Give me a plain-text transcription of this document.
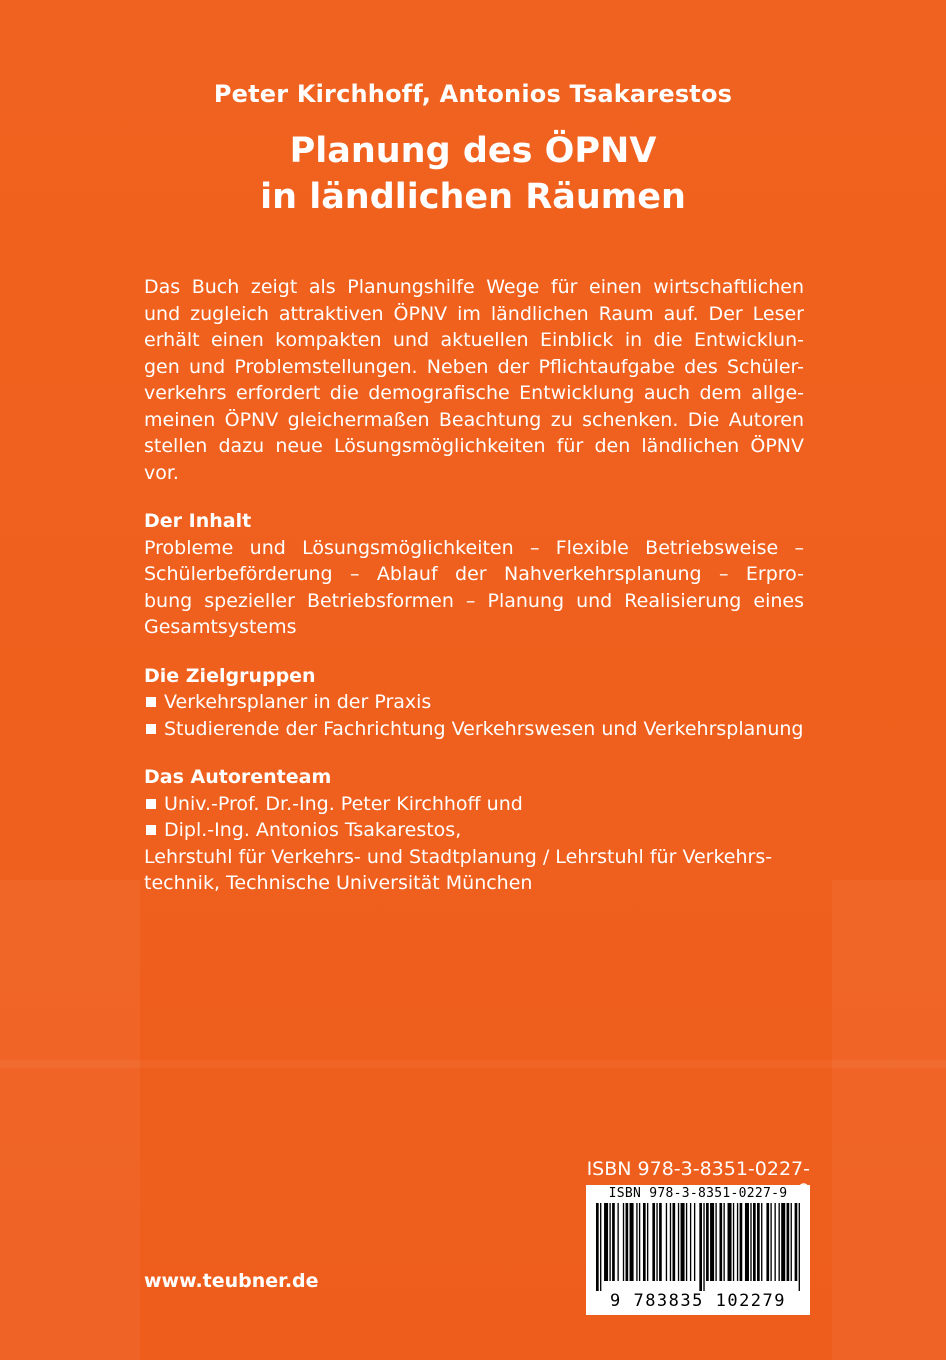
Peter Kirchhoff, Antonios Tsakarestos
Planung des ÖPNV
in ländlichen Räumen

Das Buch zeigt als Planungshilfe Wege für einen wirtschaftlichen
und zugleich attraktiven ÖPNV im ländlichen Raum auf. Der Leser
erhält einen kompakten und aktuellen Einblick in die Entwicklun-
gen und Problemstellungen. Neben der Pflichtaufgabe des Schüler-
verkehrs erfordert die demografische Entwicklung auch dem allge-
meinen ÖPNV gleichermaßen Beachtung zu schenken. Die Autoren
stellen dazu neue Lösungsmöglichkeiten für den ländlichen ÖPNV
vor.

Der Inhalt

Probleme und Lösungsmöglichkeiten – Flexible Betriebsweise –
Schülerbeförderung – Ablauf der Nahverkehrsplanung – Erpro-
bung spezieller Betriebsformen – Planung und Realisierung eines
Gesamtsystems

Die Zielgruppen

Verkehrsplaner in der Praxis
Studierende der Fachrichtung Verkehrswesen und Verkehrsplanung

Das Autorenteam

Univ.-Prof. Dr.-Ing. Peter Kirchhoff und
Dipl.-Ing. Antonios Tsakarestos,
Lehrstuhl für Verkehrs- und Stadtplanung / Lehrstuhl für Verkehrs-
technik, Technische Universität München
ISBN 978-3-8351-0227-
ISBN 978-3-8351-0227-9
9 783835 102279
www.teubner.de
